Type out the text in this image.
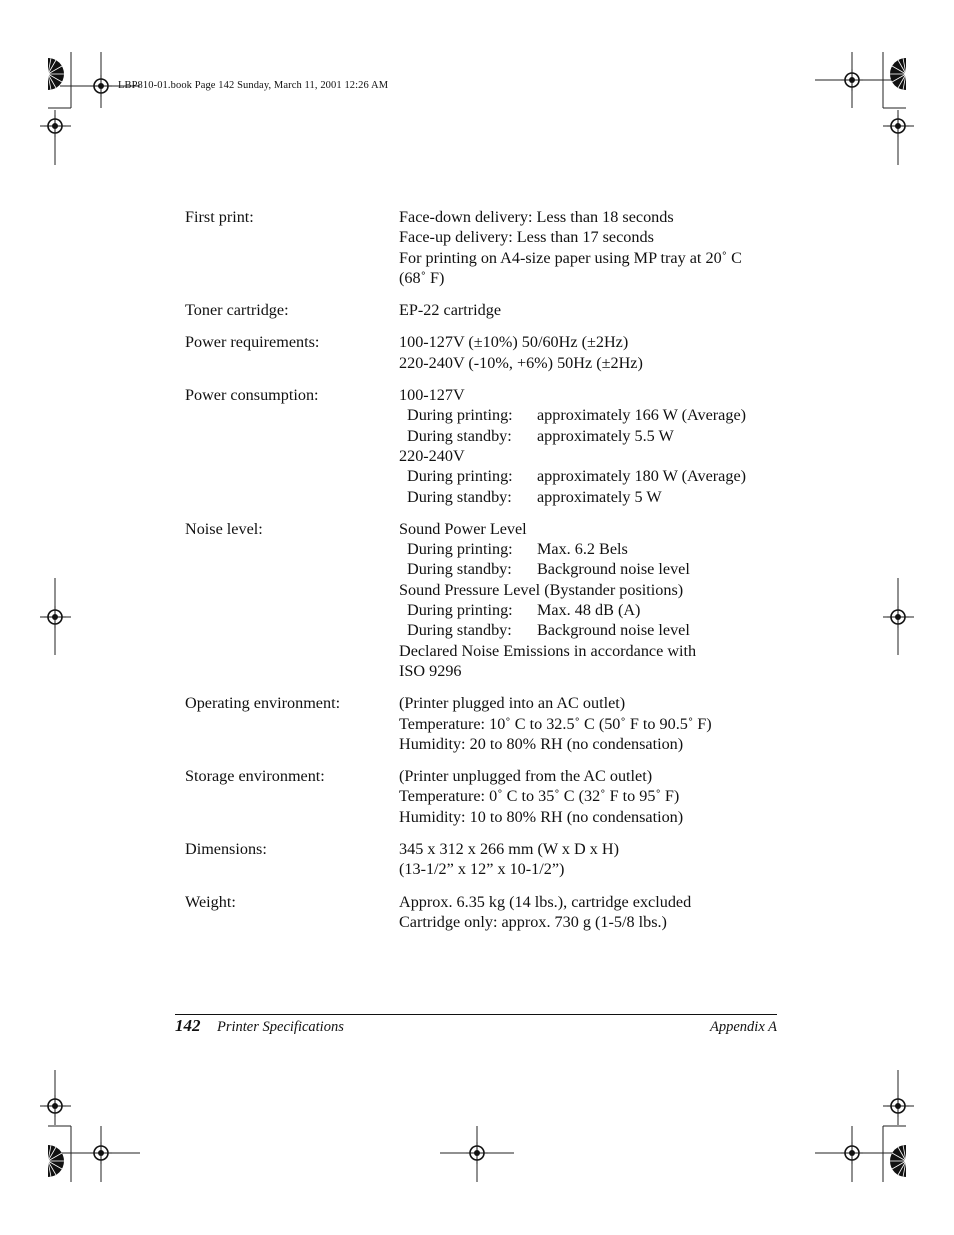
LBP810-01.book Page 142 Sunday, March 11, 2001 12:26 AM
First print:	Face-down delivery: Less than 18 seconds
Face-up delivery: Less than 17 seconds
For printing on A4-size paper using MP tray at 20˚ C
(68˚ F)
Toner cartridge:	EP-22 cartridge
Power requirements:	100-127V (±10%) 50/60Hz (±2Hz)
220-240V (-10%, +6%) 50Hz (±2Hz)
Power consumption:	100-127V
During printing:	approximately 166 W (Average)
During standby:	approximately 5.5 W
220-240V
During printing:	approximately 180 W (Average)
During standby:	approximately 5 W
Noise level:	Sound Power Level
During printing:	Max. 6.2 Bels
During standby:	Background noise level
Sound Pressure Level (Bystander positions)
During printing:	Max. 48 dB (A)
During standby:	Background noise level
Declared Noise Emissions in accordance with
ISO 9296
Operating environment:	(Printer plugged into an AC outlet)
Temperature: 10˚ C to 32.5˚ C (50˚ F to 90.5˚ F)
Humidity: 20 to 80% RH (no condensation)
Storage environment:	(Printer unplugged from the AC outlet)
Temperature: 0˚ C to 35˚ C (32˚ F to 95˚ F)
Humidity: 10 to 80% RH (no condensation)
Dimensions:	345 x 312 x 266 mm (W x D x H)
(13-1/2” x 12” x 10-1/2”)
Weight:	Approx. 6.35 kg (14 lbs.), cartridge excluded
Cartridge only: approx. 730 g (1-5/8 lbs.)
142 Printer Specifications	Appendix A
